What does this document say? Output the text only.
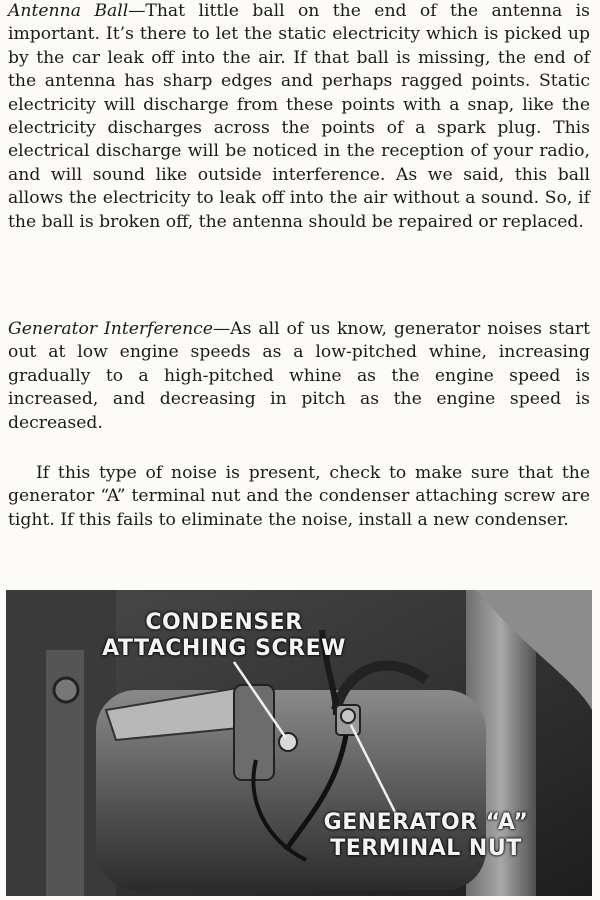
Antenna Ball—That little ball on the end of the antenna is important. It’s there to let the static electricity which is picked up by the car leak off into the air. If that ball is missing, the end of the antenna has sharp edges and perhaps ragged points. Static electricity will discharge from these points with a snap, like the electricity discharges across the points of a spark plug. This electrical discharge will be noticed in the reception of your radio, and will sound like outside interference. As we said, this ball allows the electricity to leak off into the air without a sound. So, if the ball is broken off, the antenna should be repaired or replaced.

Generator Interference—As all of us know, generator noises start out at low engine speeds as a low-pitched whine, increasing gradually to a high-pitched whine as the engine speed is increased, and decreasing in pitch as the engine speed is decreased.

If this type of noise is present, check to make sure that the generator “A” terminal nut and the condenser attaching screw are tight. If this fails to eliminate the noise, install a new condenser.

CONDENSER
ATTACHING SCREW
GENERATOR “A”
TERMINAL NUT
